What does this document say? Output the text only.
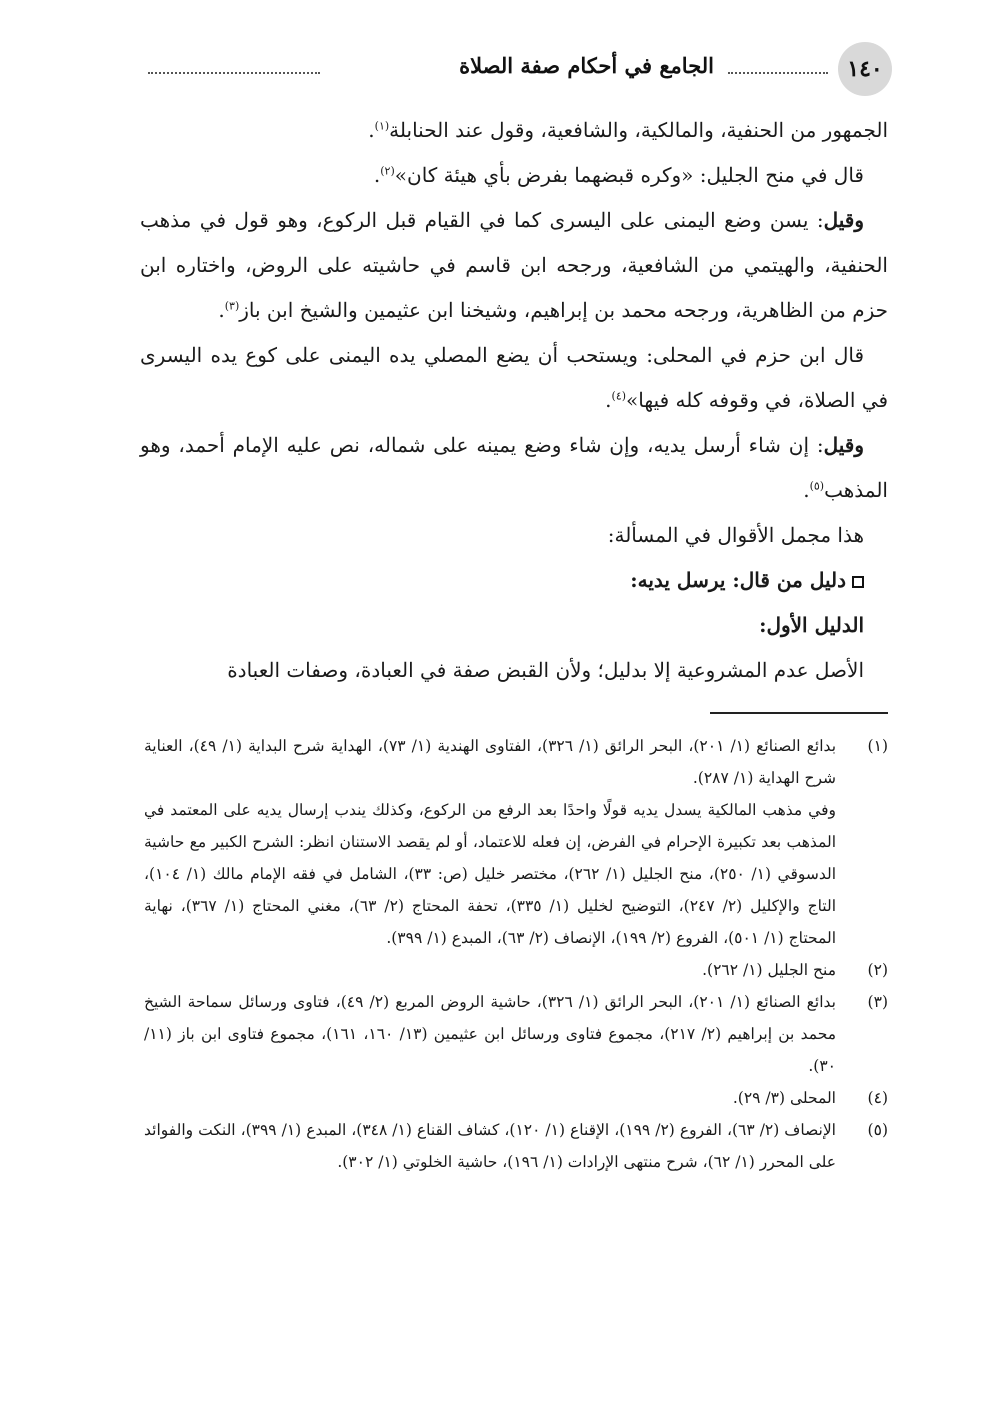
١٤٠
الجامع في أحكام صفة الصلاة

الجمهور من الحنفية، والمالكية، والشافعية، وقول عند الحنابلة$^{(١)}$.

قال في منح الجليل: «وكره قبضهما بفرض بأي هيئة كان»$^{(٢)}$.

وقيل: يسن وضع اليمنى على اليسرى كما في القيام قبل الركوع، وهو قول في مذهب الحنفية، والهيتمي من الشافعية، ورجحه ابن قاسم في حاشيته على الروض، واختاره ابن حزم من الظاهرية، ورجحه محمد بن إبراهيم، وشيخنا ابن عثيمين والشيخ ابن باز$^{(٣)}$.

قال ابن حزم في المحلى: ويستحب أن يضع المصلي يده اليمنى على كوع يده اليسرى في الصلاة، في وقوفه كله فيها»$^{(٤)}$.

وقيل: إن شاء أرسل يديه، وإن شاء وضع يمينه على شماله، نص عليه الإمام أحمد، وهو المذهب$^{(٥)}$.

هذا مجمل الأقوال في المسألة:

دليل من قال: يرسل يديه:

الدليل الأول:

الأصل عدم المشروعية إلا بدليل؛ ولأن القبض صفة في العبادة، وصفات العبادة

(١)

بدائع الصنائع (١/ ٢٠١)، البحر الرائق (١/ ٣٢٦)، الفتاوى الهندية (١/ ٧٣)، الهداية شرح البداية (١/ ٤٩)، العناية شرح الهداية (١/ ٢٨٧).

وفي مذهب المالكية يسدل يديه قولًا واحدًا بعد الرفع من الركوع، وكذلك يندب إرسال يديه على المعتمد في المذهب بعد تكبيرة الإحرام في الفرض، إن فعله للاعتماد، أو لم يقصد الاستنان انظر: الشرح الكبير مع حاشية الدسوقي (١/ ٢٥٠)، منح الجليل (١/ ٢٦٢)، مختصر خليل (ص: ٣٣)، الشامل في فقه الإمام مالك (١/ ١٠٤)، التاج والإكليل (٢/ ٢٤٧)، التوضيح لخليل (١/ ٣٣٥)، تحفة المحتاج (٢/ ٦٣)، مغني المحتاج (١/ ٣٦٧)، نهاية المحتاج (١/ ٥٠١)، الفروع (٢/ ١٩٩)، الإنصاف (٢/ ٦٣)، المبدع (١/ ٣٩٩).

(٢)

منح الجليل (١/ ٢٦٢).

(٣)

بدائع الصنائع (١/ ٢٠١)، البحر الرائق (١/ ٣٢٦)، حاشية الروض المربع (٢/ ٤٩)، فتاوى ورسائل سماحة الشيخ محمد بن إبراهيم (٢/ ٢١٧)، مجموع فتاوى ورسائل ابن عثيمين (١٣/ ١٦٠، ١٦١)، مجموع فتاوى ابن باز (١١/ ٣٠).

(٤)

المحلى (٣/ ٢٩).

(٥)

الإنصاف (٢/ ٦٣)، الفروع (٢/ ١٩٩)، الإقناع (١/ ١٢٠)، كشاف القناع (١/ ٣٤٨)، المبدع (١/ ٣٩٩)، النكت والفوائد على المحرر (١/ ٦٢)، شرح منتهى الإرادات (١/ ١٩٦)، حاشية الخلوتي (١/ ٣٠٢).
